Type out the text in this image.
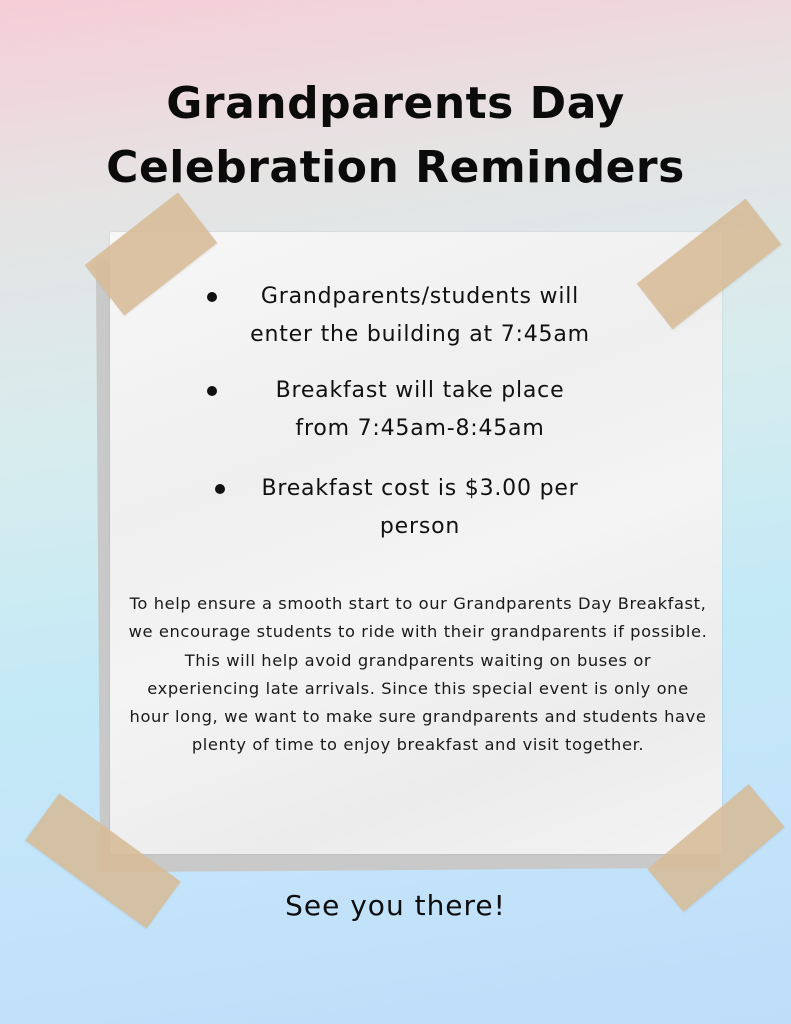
Grandparents Day
Celebration Reminders
Grandparents/students will
enter the building at 7:45am
Breakfast will take place
from 7:45am-8:45am
Breakfast cost is $3.00 per
person

To help ensure a smooth start to our Grandparents Day Breakfast, we encourage students to ride with their grandparents if possible. This will help avoid grandparents waiting on buses or experiencing late arrivals. Since this special event is only one hour long, we want to make sure grandparents and students have plenty of time to enjoy breakfast and visit together.

See you there!
